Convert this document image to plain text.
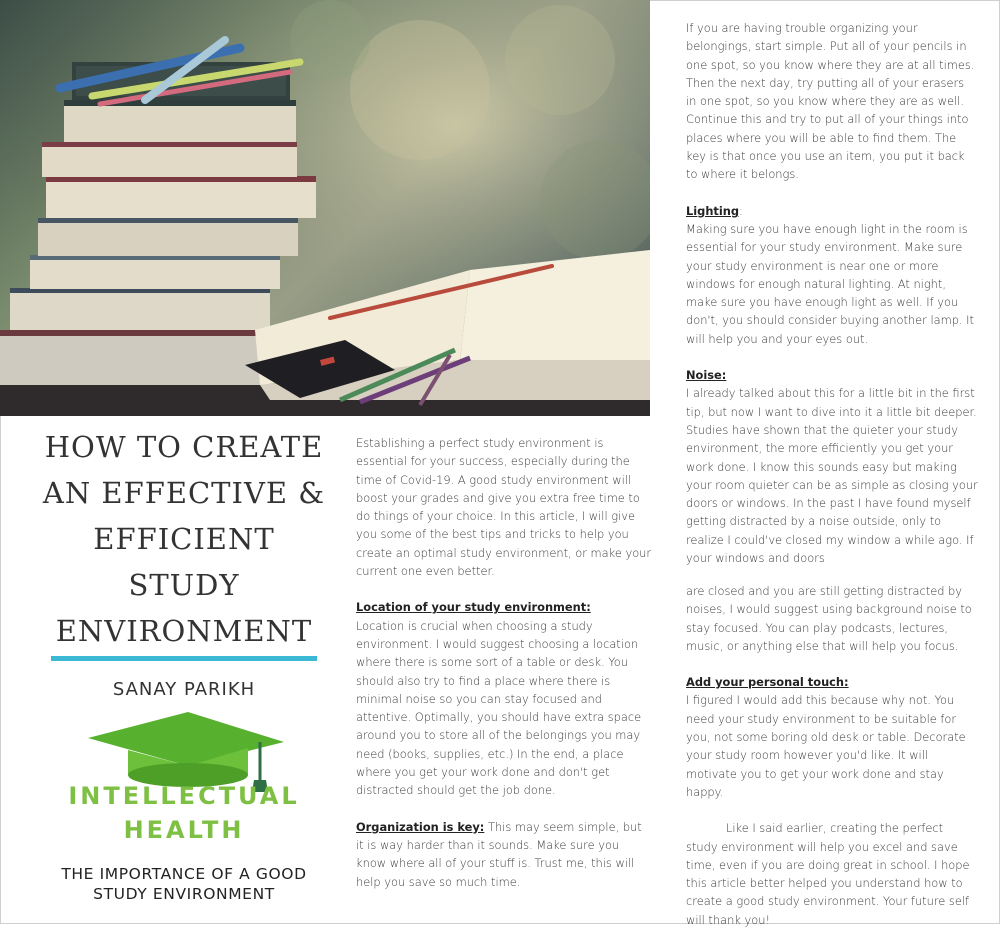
HOW TO CREATE
AN EFFECTIVE &
EFFICIENT
STUDY
ENVIRONMENT
SANAY PARIKH
INTELLECTUAL
HEALTH
THE IMPORTANCE OF A GOOD
STUDY ENVIRONMENT

Establishing a perfect study environment is essential for your success, especially during the time of Covid-19. A good study environment will boost your grades and give you extra free time to do things of your choice. In this article, I will give you some of the best tips and tricks to help you create an optimal study environment, or make your current one even better.

Location of your study environment:

Location is crucial when choosing a study environment. I would suggest choosing a location where there is some sort of a table or desk. You should also try to find a place where there is minimal noise so you can stay focused and attentive. Optimally, you should have extra space around you to store all of the belongings you may need (books, supplies, etc.) In the end, a place where you get your work done and don't get distracted should get the job done.

Organization is key: This may seem simple, but it is way harder than it sounds. Make sure you know where all of your stuff is. Trust me, this will help you save so much time.

If you are having trouble organizing your belongings, start simple. Put all of your pencils in one spot, so you know where they are at all times. Then the next day, try putting all of your erasers in one spot, so you know where they are as well. Continue this and try to put all of your things into places where you will be able to find them. The key is that once you use an item, you put it back to where it belongs.

Lighting:

Making sure you have enough light in the room is essential for your study environment. Make sure your study environment is near one or more windows for enough natural lighting. At night, make sure you have enough light as well. If you don't, you should consider buying another lamp. It will help you and your eyes out.

Noise:

I already talked about this for a little bit in the first tip, but now I want to dive into it a little bit deeper. Studies have shown that the quieter your study environment, the more efficiently you get your work done. I know this sounds easy but making your room quieter can be as simple as closing your doors or windows. In the past I have found myself getting distracted by a noise outside, only to realize I could've closed my window a while ago. If your windows and doors

are closed and you are still getting distracted by noises, I would suggest using background noise to stay focused. You can play podcasts, lectures, music, or anything else that will help you focus.

Add your personal touch:

I figured I would add this because why not. You need your study environment to be suitable for you, not some boring old desk or table. Decorate your study room however you'd like. It will motivate you to get your work done and stay happy.

Like I said earlier, creating the perfect study environment will help you excel and save time, even if you are doing great in school. I hope this article better helped you understand how to create a good study environment. Your future self will thank you!
